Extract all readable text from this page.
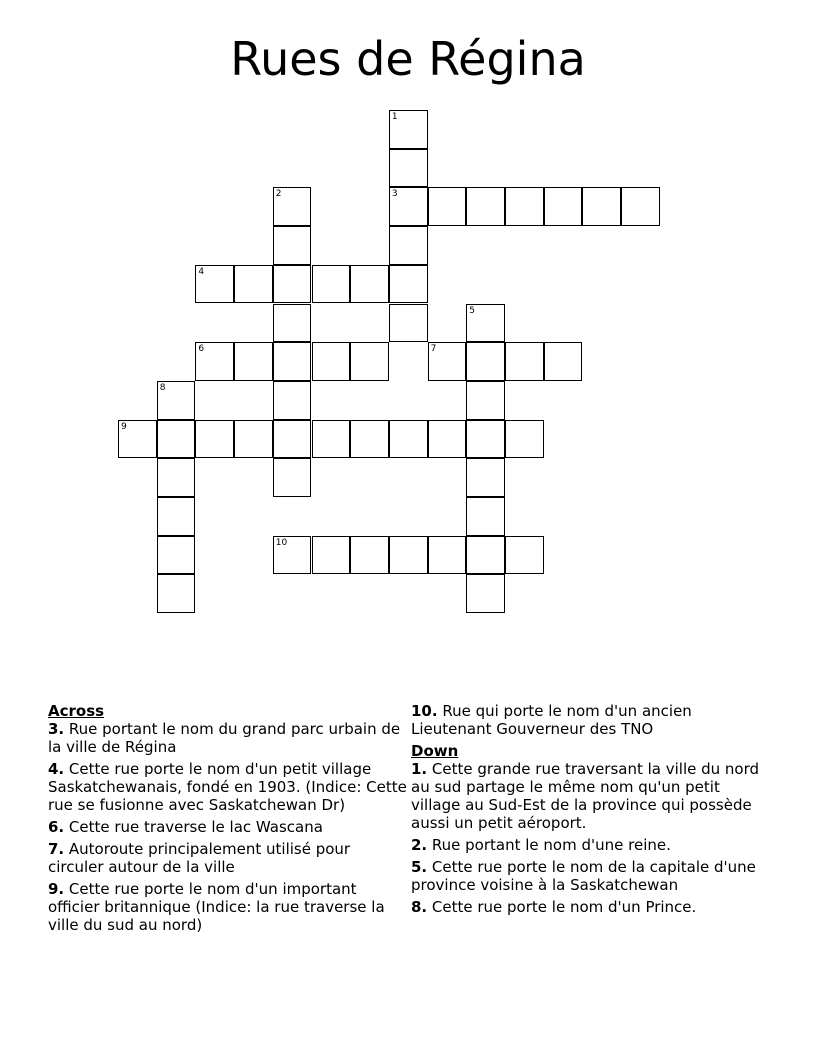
Rues de Régina
1
3
2
4
5
6	7
8
9
10
Across
3. Rue portant le nom du grand parc urbain de la ville de Régina
4. Cette rue porte le nom d'un petit village Saskatchewanais, fondé en 1903. (Indice: Cette rue se fusionne avec Saskatchewan Dr)
6. Cette rue traverse le lac Wascana
7. Autoroute principalement utilisé pour circuler autour de la ville
9. Cette rue porte le nom d'un important officier britannique (Indice: la rue traverse la ville du sud au nord)
10. Rue qui porte le nom d'un ancien Lieutenant Gouverneur des TNO
Down
1. Cette grande rue traversant la ville du nord au sud partage le même nom qu'un petit village au Sud-Est de la province qui possède aussi un petit aéroport.
2. Rue portant le nom d'une reine.
5. Cette rue porte le nom de la capitale d'une province voisine à la Saskatchewan
8. Cette rue porte le nom d'un Prince.
